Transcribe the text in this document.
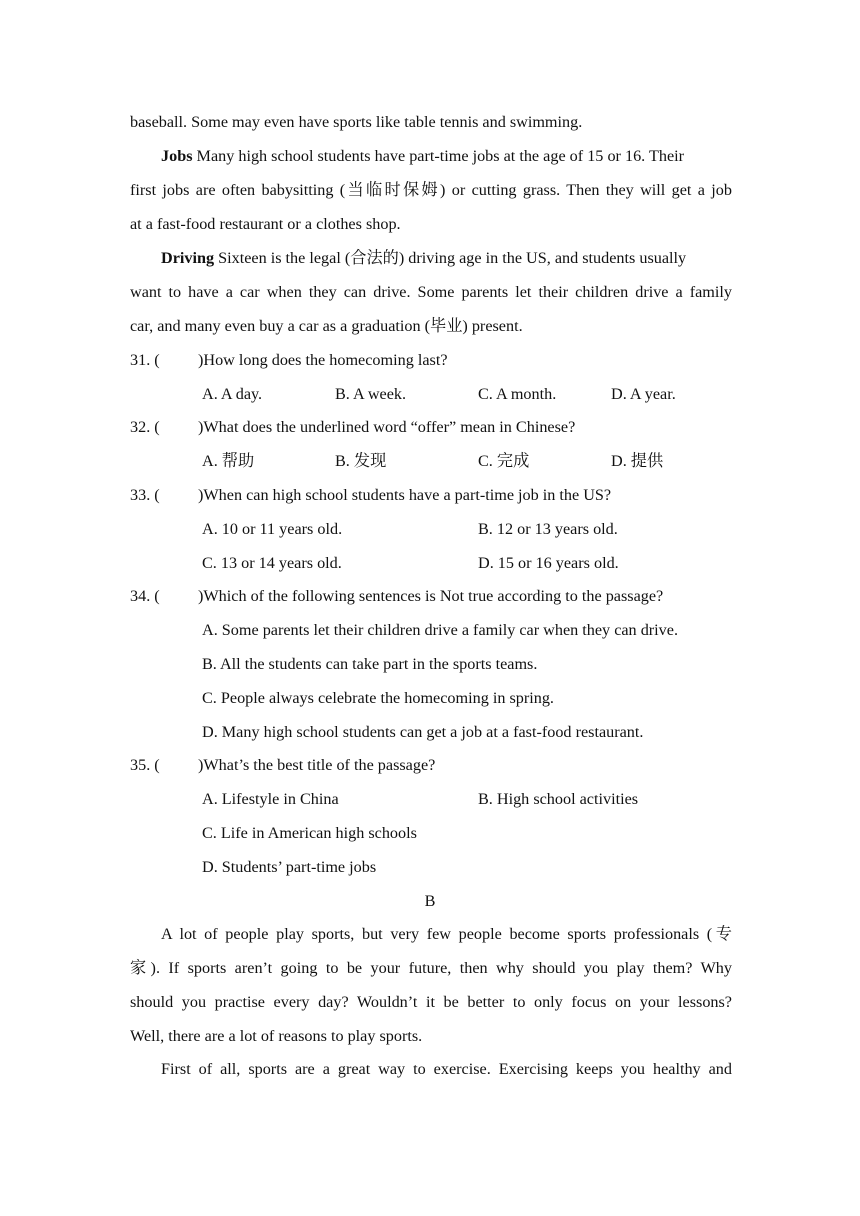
baseball. Some may even have sports like table tennis and swimming.
Jobs Many high school students have part-time jobs at the age of 15 or 16. Their
first jobs are often babysitting (当临时保姆) or cutting grass. Then they will get a job
at a fast-food restaurant or a clothes shop.
Driving Sixteen is the legal (合法的) driving age in the US, and students usually
want to have a car when they can drive. Some parents let their children drive a family
car, and many even buy a car as a graduation (毕业) present.
31. ( )How long does the homecoming last?
A. A day.	B. A week.	C. A month.	D. A year.
32. ( )What does the underlined word “offer” mean in Chinese?
A. 帮助	B. 发现	C. 完成	D. 提供
33. ( )When can high school students have a part-time job in the US?
A. 10 or 11 years old.	B. 12 or 13 years old.
C. 13 or 14 years old.	D. 15 or 16 years old.
34. ( )Which of the following sentences is Not true according to the passage?
A. Some parents let their children drive a family car when they can drive.
B. All the students can take part in the sports teams.
C. People always celebrate the homecoming in spring.
D. Many high school students can get a job at a fast-food restaurant.
35. ( )What’s the best title of the passage?
A. Lifestyle in China	B. High school activities
C. Life in American high schools
D. Students’ part-time jobs
B
A lot of people play sports, but very few people become sports professionals (专
家). If sports aren’t going to be your future, then why should you play them? Why
should you practise every day? Wouldn’t it be better to only focus on your lessons?
Well, there are a lot of reasons to play sports.
First of all, sports are a great way to exercise. Exercising keeps you healthy and
